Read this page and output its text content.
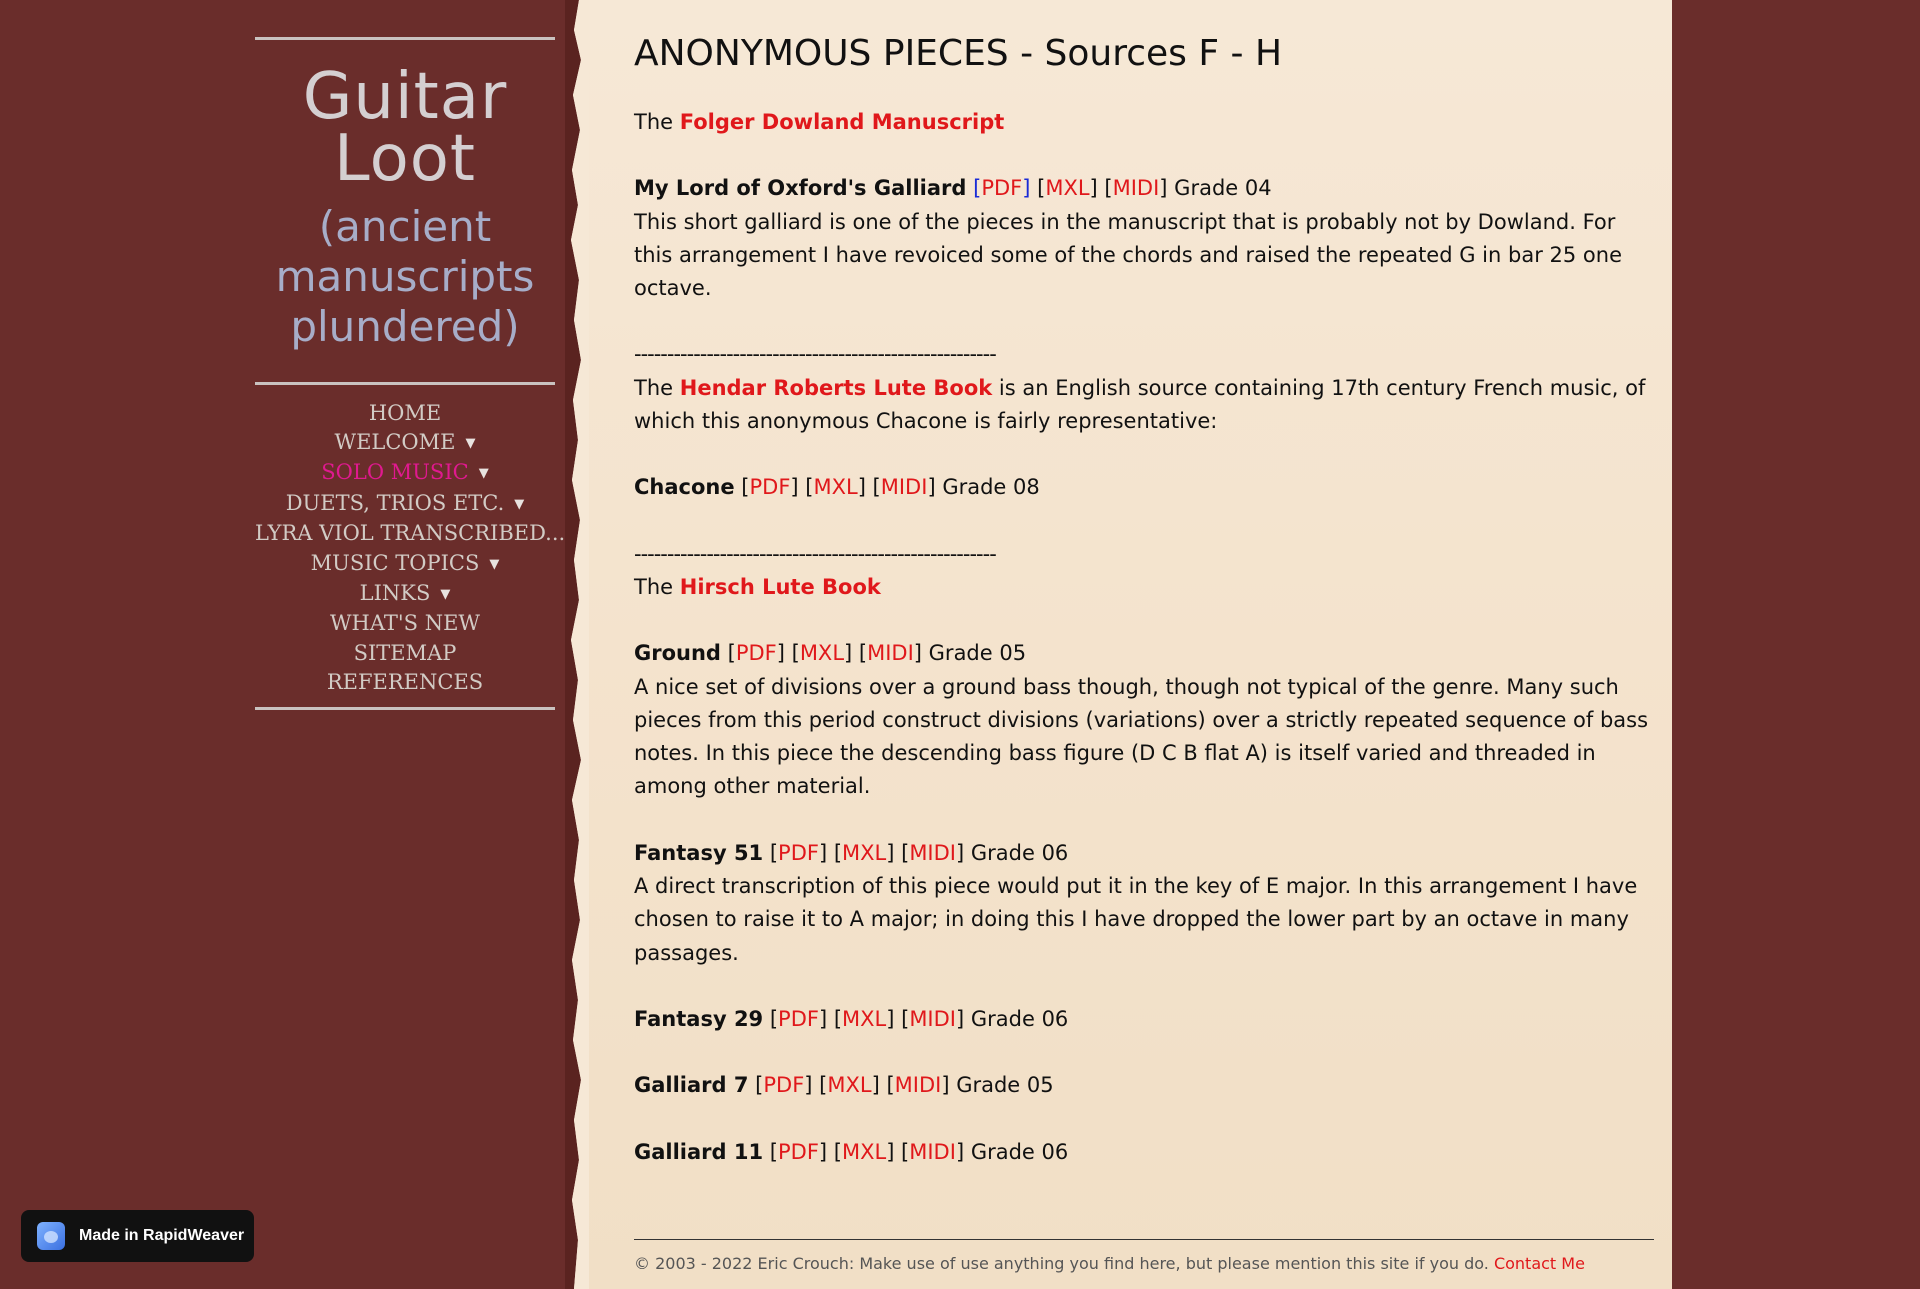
Guitar
Loot
(ancient
manuscripts
plundered)
HOME
WELCOME ▼
SOLO MUSIC ▼
DUETS, TRIOS ETC. ▼
LYRA VIOL TRANSCRIBED...
MUSIC TOPICS ▼
LINKS ▼
WHAT'S NEW
SITEMAP
REFERENCES
ANONYMOUS PIECES - Sources F - H

The Folger Dowland Manuscript

My Lord of Oxford's Galliard [PDF] [MXL] [MIDI] Grade 04

This short galliard is one of the pieces in the manuscript that is probably not by Dowland. For this arrangement I have revoiced some of the chords and raised the repeated G in bar 25 one octave.

-------------------------------------------------------

The Hendar Roberts Lute Book is an English source containing 17th century French music, of which this anonymous Chacone is fairly representative:

Chacone [PDF] [MXL] [MIDI] Grade 08

-------------------------------------------------------

The Hirsch Lute Book

Ground [PDF] [MXL] [MIDI] Grade 05

A nice set of divisions over a ground bass though, though not typical of the genre. Many such pieces from this period construct divisions (variations) over a strictly repeated sequence of bass notes. In this piece the descending bass figure (D C B flat A) is itself varied and threaded in among other material.

Fantasy 51 [PDF] [MXL] [MIDI] Grade 06

A direct transcription of this piece would put it in the key of E major. In this arrangement I have chosen to raise it to A major; in doing this I have dropped the lower part by an octave in many passages.

Fantasy 29 [PDF] [MXL] [MIDI] Grade 06

Galliard 7 [PDF] [MXL] [MIDI] Grade 05

Galliard 11 [PDF] [MXL] [MIDI] Grade 06

© 2003 - 2022 Eric Crouch: Make use of use anything you find here, but please mention this site if you do. Contact Me
Made in RapidWeaver
